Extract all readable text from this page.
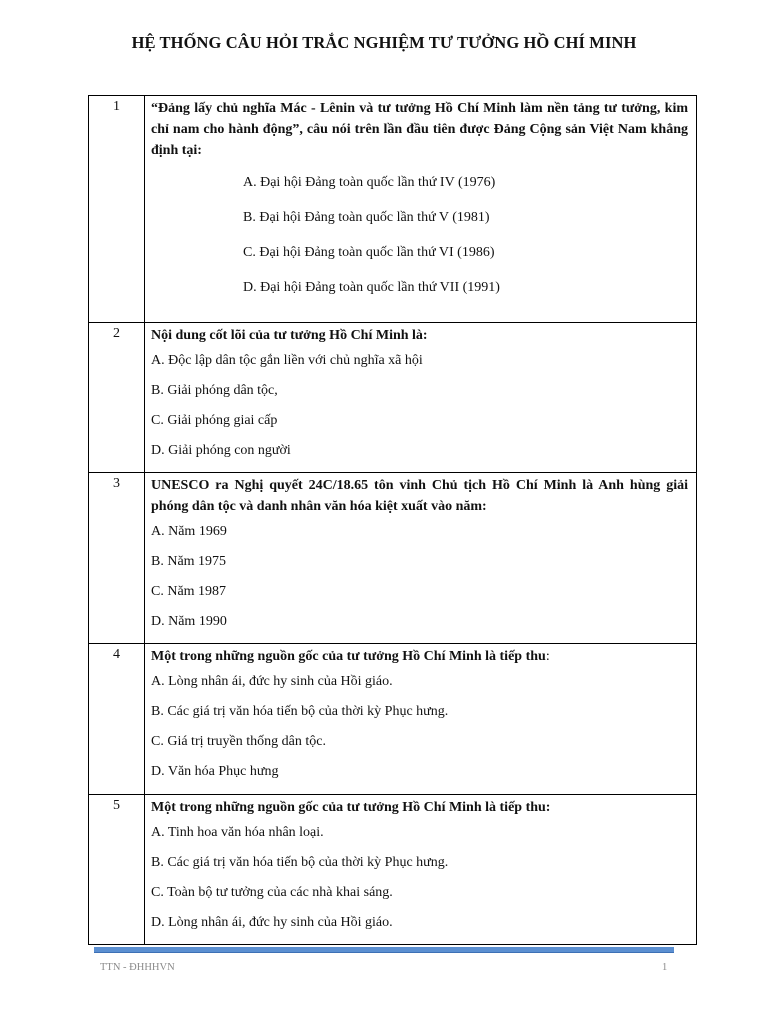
HỆ THỐNG CÂU HỎI TRẮC NGHIỆM TƯ TƯỞNG HỒ CHÍ MINH
1	“Đảng lấy chủ nghĩa Mác - Lênin và tư tưởng Hồ Chí Minh làm nền tảng tư tưởng, kim chỉ nam cho hành động”, câu nói trên lần đầu tiên được Đảng Cộng sản Việt Nam khẳng định tại:

A. Đại hội Đảng toàn quốc lần thứ IV (1976)

B. Đại hội Đảng toàn quốc lần thứ V (1981)

C. Đại hội Đảng toàn quốc lần thứ VI (1986)

D. Đại hội Đảng toàn quốc lần thứ VII (1991)

2	Nội dung cốt lõi của tư tưởng Hồ Chí Minh là:

A. Độc lập dân tộc gắn liền với chủ nghĩa xã hội

B. Giải phóng dân tộc,

C. Giải phóng giai cấp

D. Giải phóng con người

3	UNESCO ra Nghị quyết 24C/18.65 tôn vinh Chủ tịch Hồ Chí Minh là Anh hùng giải phóng dân tộc và danh nhân văn hóa kiệt xuất vào năm:

A. Năm 1969

B. Năm 1975

C. Năm 1987

D. Năm 1990

4	Một trong những nguồn gốc của tư tưởng Hồ Chí Minh là tiếp thu:

A. Lòng nhân ái, đức hy sinh của Hồi giáo.

B. Các giá trị văn hóa tiến bộ của thời kỳ Phục hưng.

C. Giá trị truyền thống dân tộc.

D. Văn hóa Phục hưng

5	Một trong những nguồn gốc của tư tưởng Hồ Chí Minh là tiếp thu:

A. Tinh hoa văn hóa nhân loại.

B. Các giá trị văn hóa tiến bộ của thời kỳ Phục hưng.

C. Toàn bộ tư tưởng của các nhà khai sáng.

D. Lòng nhân ái, đức hy sinh của Hồi giáo.

TTN - ĐHHHVN	1
